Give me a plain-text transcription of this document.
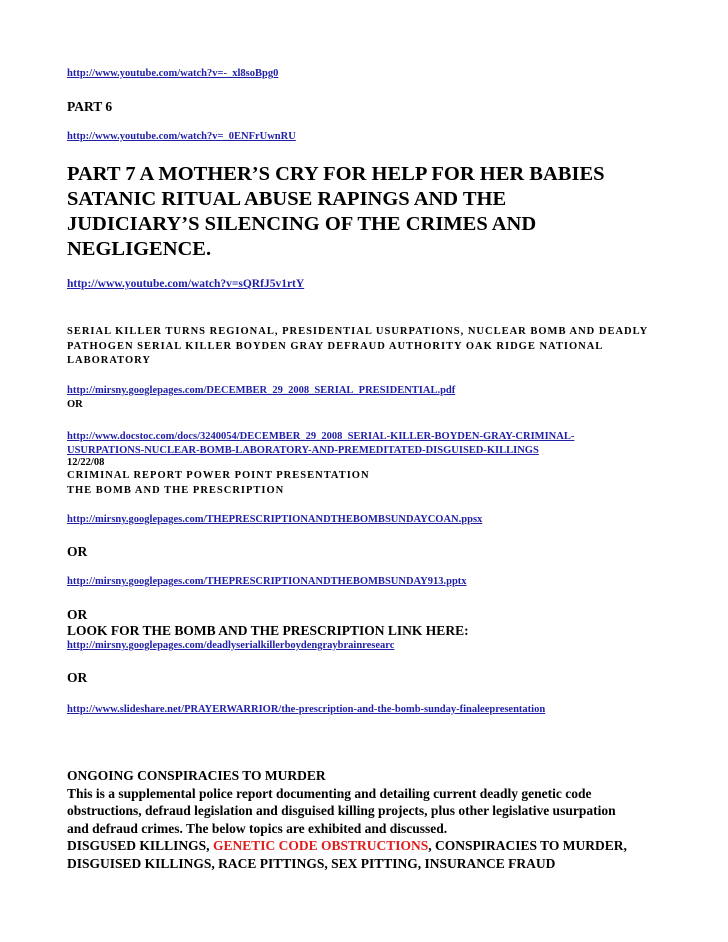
http://www.youtube.com/watch?v=-_xl8soBpg0
PART 6
http://www.youtube.com/watch?v=_0ENFrUwnRU
PART 7 A MOTHER’S CRY FOR HELP FOR HER BABIES
SATANIC RITUAL ABUSE RAPINGS AND THE
JUDICIARY’S SILENCING OF THE CRIMES AND
NEGLIGENCE.
http://www.youtube.com/watch?v=sQRfJ5v1rtY
SERIAL KILLER TURNS REGIONAL, PRESIDENTIAL USURPATIONS, NUCLEAR BOMB AND DEADLY
PATHOGEN SERIAL KILLER BOYDEN GRAY DEFRAUD AUTHORITY OAK RIDGE NATIONAL
LABORATORY
http://mirsny.googlepages.com/DECEMBER_29_2008_SERIAL_PRESIDENTIAL.pdf
OR
http://www.docstoc.com/docs/3240054/DECEMBER_29_2008_SERIAL-KILLER-BOYDEN-GRAY-CRIMINAL-
USURPATIONS-NUCLEAR-BOMB-LABORATORY-AND-PREMEDITATED-DISGUISED-KILLINGS
12/22/08
CRIMINAL REPORT POWER POINT PRESENTATION
THE BOMB AND THE PRESCRIPTION
http://mirsny.googlepages.com/THEPRESCRIPTIONANDTHEBOMBSUNDAYCOAN.ppsx
OR
http://mirsny.googlepages.com/THEPRESCRIPTIONANDTHEBOMBSUNDAY913.pptx
OR
LOOK FOR THE BOMB AND THE PRESCRIPTION LINK HERE:
http://mirsny.googlepages.com/deadlyserialkillerboydengraybrainresearc
OR
http://www.slideshare.net/PRAYERWARRIOR/the-prescription-and-the-bomb-sunday-finaleepresentation
ONGOING CONSPIRACIES TO MURDER
This is a supplemental police report documenting and detailing current deadly genetic code
obstructions, defraud legislation and disguised killing projects, plus other legislative usurpation
and defraud crimes. The below topics are exhibited and discussed.
DISGUSED KILLINGS, GENETIC CODE OBSTRUCTIONS, CONSPIRACIES TO MURDER,
DISGUISED KILLINGS, RACE PITTINGS, SEX PITTING, INSURANCE FRAUD
